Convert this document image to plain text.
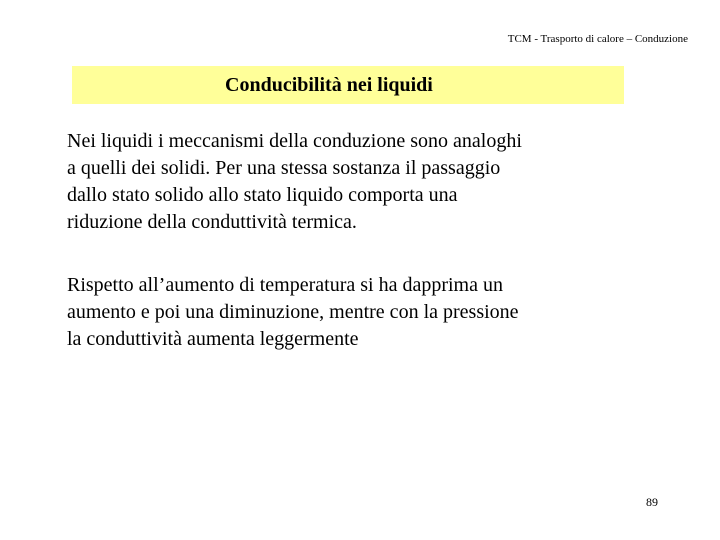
TCM - Trasporto di calore – Conduzione
Conducibilità nei liquidi

Nei liquidi i meccanismi della conduzione sono analoghi
a quelli dei solidi. Per una stessa sostanza il passaggio
dallo stato solido allo stato liquido comporta una
riduzione della conduttività termica.

Rispetto all’aumento di temperatura si ha dapprima un
aumento e poi una diminuzione, mentre con la pressione
la conduttività aumenta leggermente

89
